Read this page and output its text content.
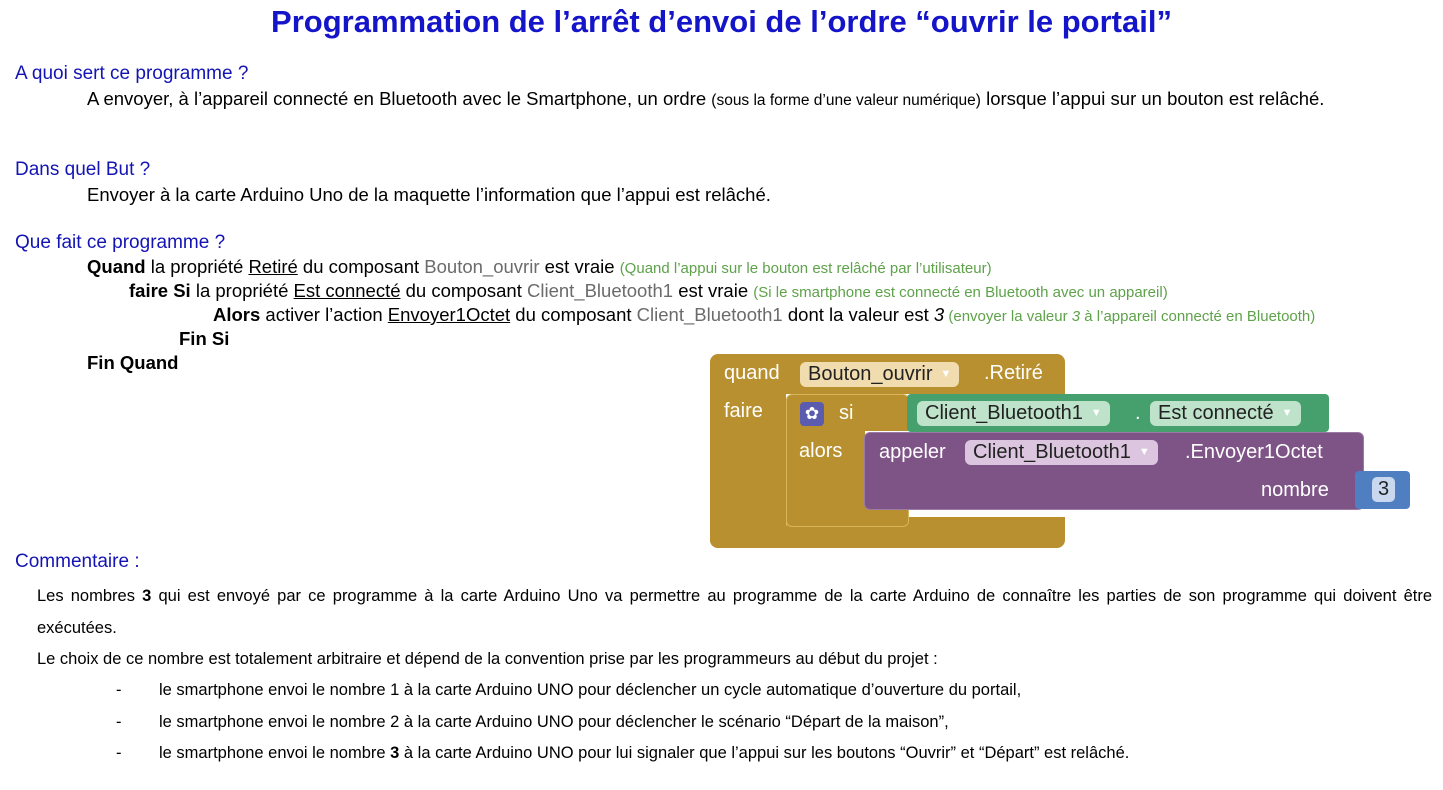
Programmation de l’arrêt d’envoi de l’ordre “ouvrir le portail”
A quoi sert ce programme ?
A envoyer, à l’appareil connecté en Bluetooth avec le Smartphone, un ordre (sous la forme d’une valeur numérique) lorsque l’appui sur un bouton est relâché.
Dans quel But ?
Envoyer à la carte Arduino Uno de la maquette l’information que l’appui est relâché.
Que fait ce programme ?
Quand la propriété Retiré du composant Bouton_ouvrir est vraie (Quand l’appui sur le bouton est relâché par l’utilisateur)
faire Si la propriété Est connecté du composant Client_Bluetooth1 est vraie (Si le smartphone est connecté en Bluetooth avec un appareil)
Alors activer l’action Envoyer1Octet du composant Client_Bluetooth1 dont la valeur est 3 (envoyer la valeur 3 à l’appareil connecté en Bluetooth)
Fin Si
Fin Quand	quand	Bouton_ouvrir ▼	.Retiré
faire ✿ si
alors
Client_Bluetooth1 ▼	. Est connecté ▼
appeler	Client_Bluetooth1 ▼	.Envoyer1Octet
nombre 3
Commentaire :
Les nombres 3 qui est envoyé par ce programme à la carte Arduino Uno va permettre au programme de la carte Arduino de connaître les parties de son programme qui doivent être exécutées.
Le choix de ce nombre est totalement arbitraire et dépend de la convention prise par les programmeurs au début du projet :
- le smartphone envoi le nombre 1 à la carte Arduino UNO pour déclencher un cycle automatique d’ouverture du portail,
- le smartphone envoi le nombre 2 à la carte Arduino UNO pour déclencher le scénario “Départ de la maison”,
- le smartphone envoi le nombre 3 à la carte Arduino UNO pour lui signaler que l’appui sur les boutons “Ouvrir” et “Départ” est relâché.
